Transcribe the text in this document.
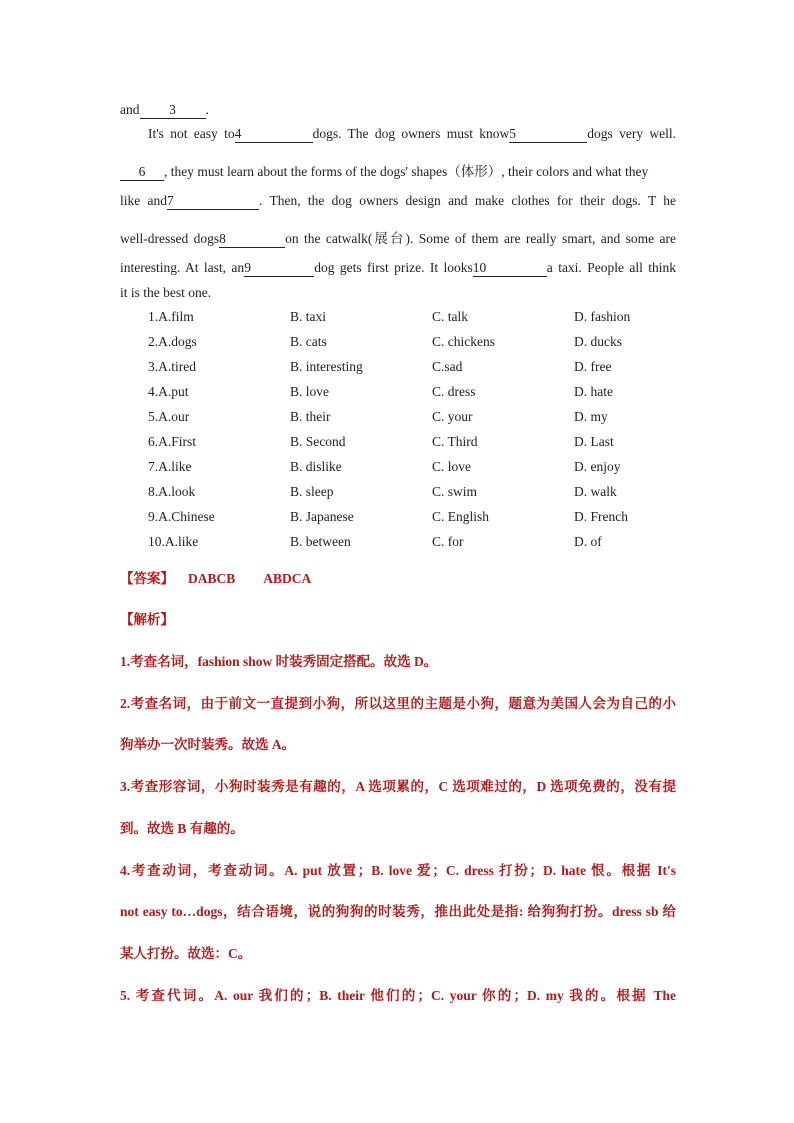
and 3 .
It's not easy to4	dogs. The dog owners must know5	dogs very well.
6 , they must learn about the forms of the dogs' shapes（体形）, their colors and what they
like and7	. Then, the dog owners design and make clothes for their dogs. T he
well-dressed dogs8	on the catwalk(展台). Some of them are really smart, and some are
interesting. At last, an9	dog gets first prize. It looks10	a taxi. People all think
it is the best one.
1.A.film	B. taxi	C. talk	D. fashion
2.A.dogs	B. cats	C. chickens	D. ducks
3.A.tired	B. interesting	C.sad	D. free
4.A.put	B. love	C. dress	D. hate
5.A.our	B. their	C. your	D. my
6.A.First	B. Second	C. Third	D. Last
7.A.like	B. dislike	C. love	D. enjoy
8.A.look	B. sleep	C. swim	D. walk
9.A.Chinese	B. Japanese	C. English	D. French
10.A.like	B. between	C. for	D. of
【答案】 DABCB ABDCA
【解析】
1.考查名词，fashion show 时装秀固定搭配。故选 D。
2.考查名词，由于前文一直提到小狗，所以这里的主题是小狗，题意为美国人会为自己的小
狗举办一次时装秀。故选 A。
3.考查形容词，小狗时装秀是有趣的，A 选项累的，C 选项难过的，D 选项免费的，没有提
到。故选 B 有趣的。
4.考查动词，考查动词。A. put 放置；B. love 爱；C. dress 打扮；D. hate 恨。根据 It's
not easy to…dogs，结合语境，说的狗狗的时装秀，推出此处是指: 给狗狗打扮。dress sb 给
某人打扮。故选：C。
5. 考查代词。A. our 我们的；B. their 他们的；C. your 你的；D. my 我的。根据 The
